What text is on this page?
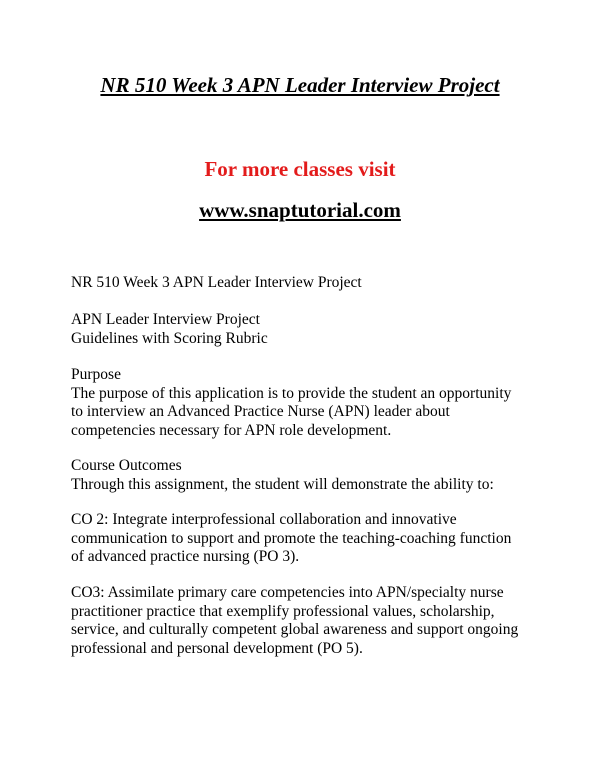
NR 510 Week 3 APN Leader Interview Project
For more classes visit
www.snaptutorial.com
NR 510 Week 3 APN Leader Interview Project
APN Leader Interview Project
Guidelines with Scoring Rubric
Purpose
The purpose of this application is to provide the student an opportunity
to interview an Advanced Practice Nurse (APN) leader about
competencies necessary for APN role development.
Course Outcomes
Through this assignment, the student will demonstrate the ability to:
CO 2: Integrate interprofessional collaboration and innovative
communication to support and promote the teaching-coaching function
of advanced practice nursing (PO 3).
CO3: Assimilate primary care competencies into APN/specialty nurse
practitioner practice that exemplify professional values, scholarship,
service, and culturally competent global awareness and support ongoing
professional and personal development (PO 5).
